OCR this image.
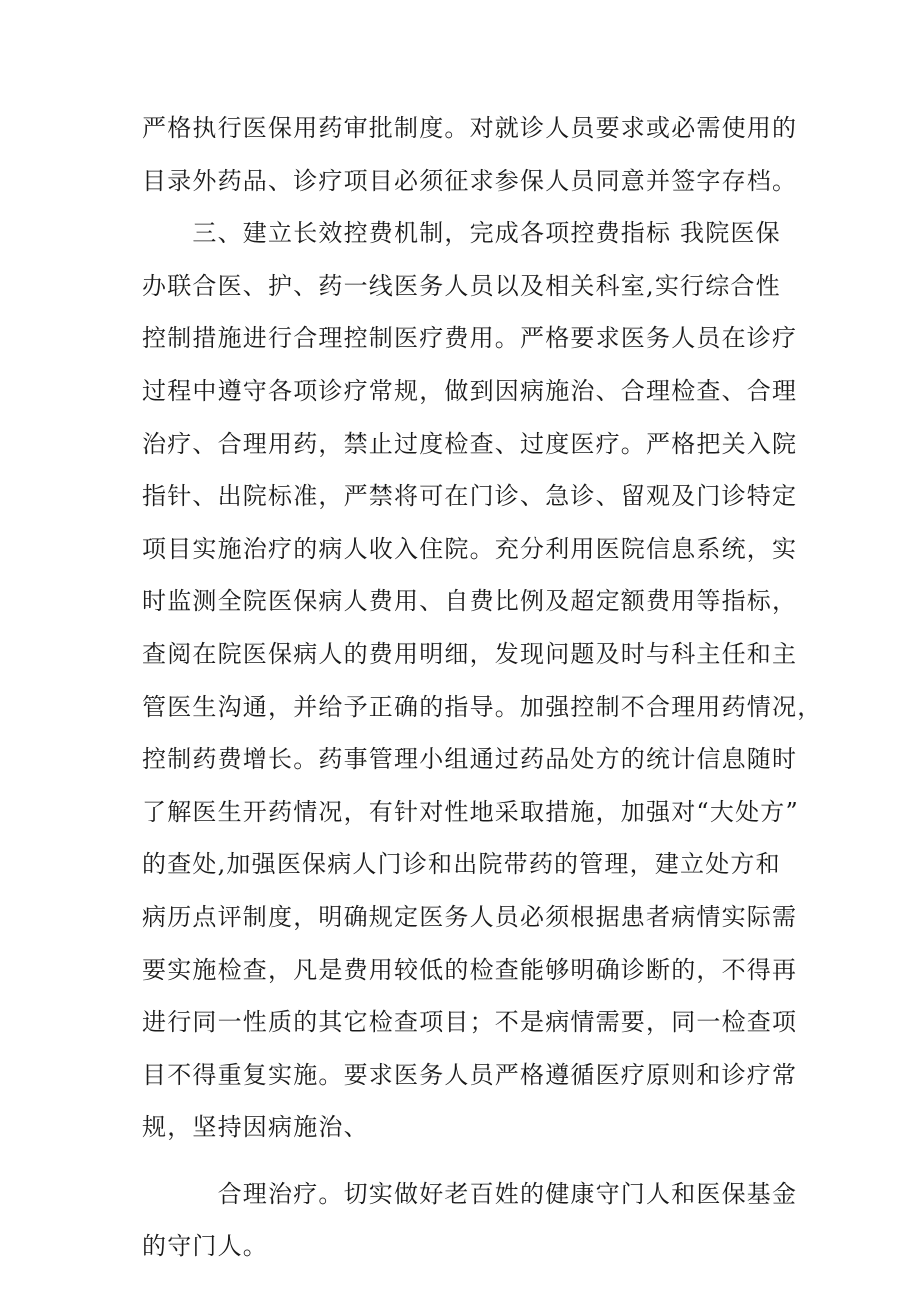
严格执行医保用药审批制度。对就诊人员要求或必需使用的
目录外药品、诊疗项目必须征求参保人员同意并签字存档。
　　三、建立长效控费机制，完成各项控费指标 我院医保
办联合医、护、药一线医务人员以及相关科室,实行综合性
控制措施进行合理控制医疗费用。严格要求医务人员在诊疗
过程中遵守各项诊疗常规，做到因病施治、合理检查、合理
治疗、合理用药，禁止过度检查、过度医疗。严格把关入院
指针、出院标准，严禁将可在门诊、急诊、留观及门诊特定
项目实施治疗的病人收入住院。充分利用医院信息系统，实
时监测全院医保病人费用、自费比例及超定额费用等指标，
查阅在院医保病人的费用明细，发现问题及时与科主任和主
管医生沟通，并给予正确的指导。加强控制不合理用药情况，
控制药费增长。药事管理小组通过药品处方的统计信息随时
了解医生开药情况，有针对性地采取措施，加强对“大处方”
的查处,加强医保病人门诊和出院带药的管理，建立处方和
病历点评制度，明确规定医务人员必须根据患者病情实际需
要实施检查，凡是费用较低的检查能够明确诊断的，不得再
进行同一性质的其它检查项目；不是病情需要，同一检查项
目不得重复实施。要求医务人员严格遵循医疗原则和诊疗常
规，坚持因病施治、
　　　合理治疗。切实做好老百姓的健康守门人和医保基金
的守门人。
